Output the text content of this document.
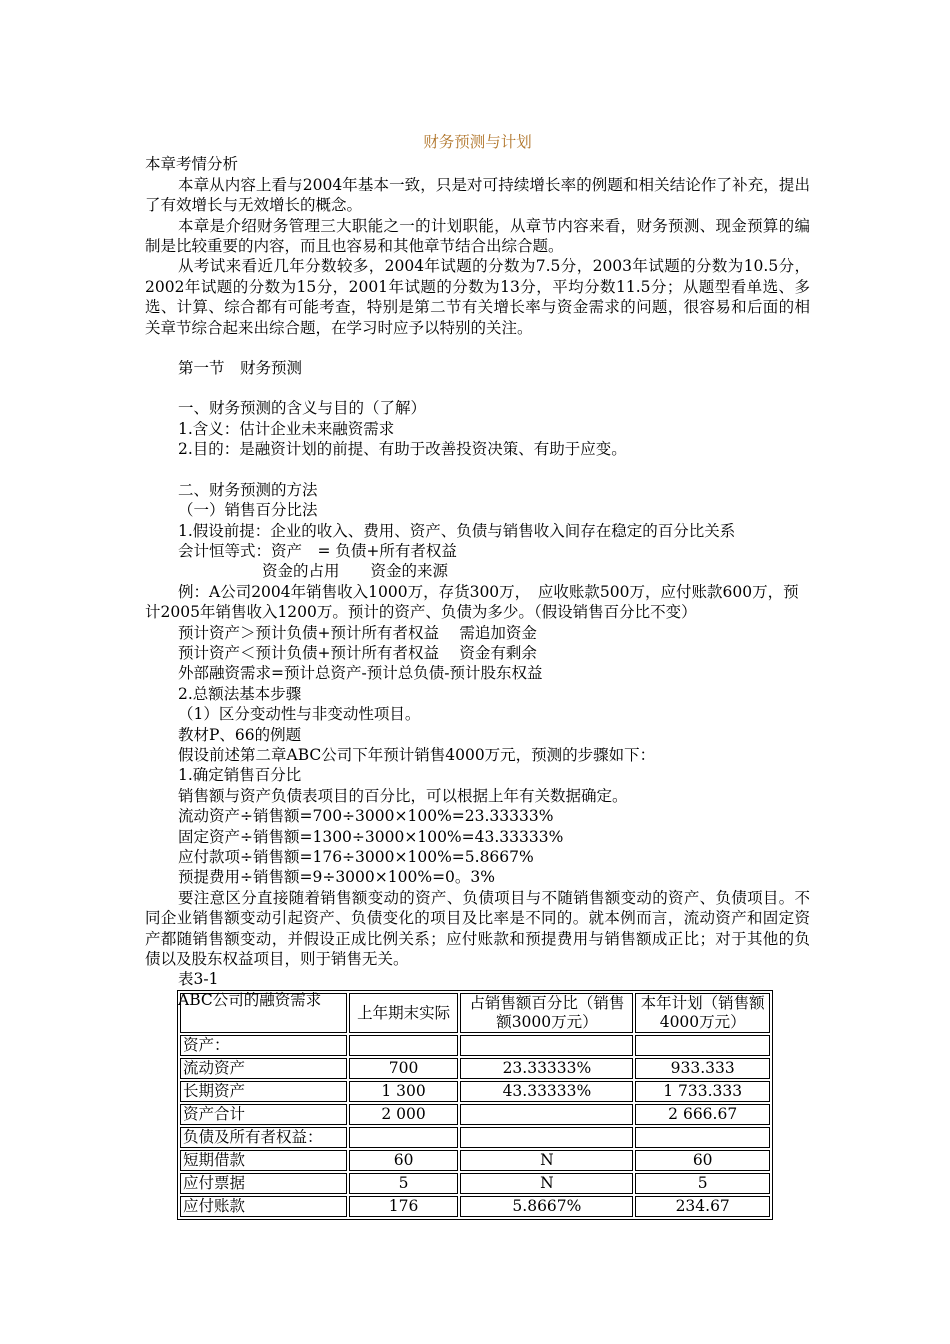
财务预测与计划
本章考情分析
本章从内容上看与2004年基本一致，只是对可持续增长率的例题和相关结论作了补充，提出了有效增长与无效增长的概念。
本章是介绍财务管理三大职能之一的计划职能，从章节内容来看，财务预测、现金预算的编制是比较重要的内容，而且也容易和其他章节结合出综合题。
从考试来看近几年分数较多，2004年试题的分数为7.5分，2003年试题的分数为10.5分，2002年试题的分数为15分，2001年试题的分数为13分，平均分数11.5分；从题型看单选、多选、计算、综合都有可能考查，特别是第二节有关增长率与资金需求的问题，很容易和后面的相关章节综合起来出综合题，在学习时应予以特别的关注。
第一节　财务预测
一、财务预测的含义与目的（了解）
1.含义：估计企业未来融资需求
2.目的：是融资计划的前提、有助于改善投资决策、有助于应变。
二、财务预测的方法
（一）销售百分比法
1.假设前提：企业的收入、费用、资产、负债与销售收入间存在稳定的百分比关系
会计恒等式：资产　= 负债+所有者权益
资金的占用　　资金的来源
例：A公司2004年销售收入1000万，存货300万，　应收账款500万，应付账款600万，预计2005年销售收入1200万。预计的资产、负债为多少。（假设销售百分比不变）
预计资产＞预计负债+预计所有者权益　 需追加资金
预计资产＜预计负债+预计所有者权益　 资金有剩余
外部融资需求=预计总资产-预计总负债-预计股东权益
2.总额法基本步骤
（1）区分变动性与非变动性项目。
教材P、66的例题
假设前述第二章ABC公司下年预计销售4000万元，预测的步骤如下：
1.确定销售百分比
销售额与资产负债表项目的百分比，可以根据上年有关数据确定。
流动资产÷销售额=700÷3000×100%=23.33333%
固定资产÷销售额=1300÷3000×100%=43.33333%
应付款项÷销售额=176÷3000×100%=5.8667%
预提费用÷销售额=9÷3000×100%=0。3%
要注意区分直接随着销售额变动的资产、负债项目与不随销售额变动的资产、负债项目。不同企业销售额变动引起资产、负债变化的项目及比率是不同的。就本例而言，流动资产和固定资产都随销售额变动，并假设正成比例关系；应付账款和预提费用与销售额成正比；对于其他的负债以及股东权益项目，则于销售无关。
表3-1
ABC公司的融资需求
	上年期末实际	占销售额百分比（销售额3000万元）	本年计划（销售额4000万元）
资产：			
流动资产	700	23.33333%	933.333
长期资产	1 300	43.33333%	1 733.333
资产合计	2 000		2 666.67
负债及所有者权益：			
短期借款	60	N	60
应付票据	5	N	5
应付账款	176	5.8667%	234.67
